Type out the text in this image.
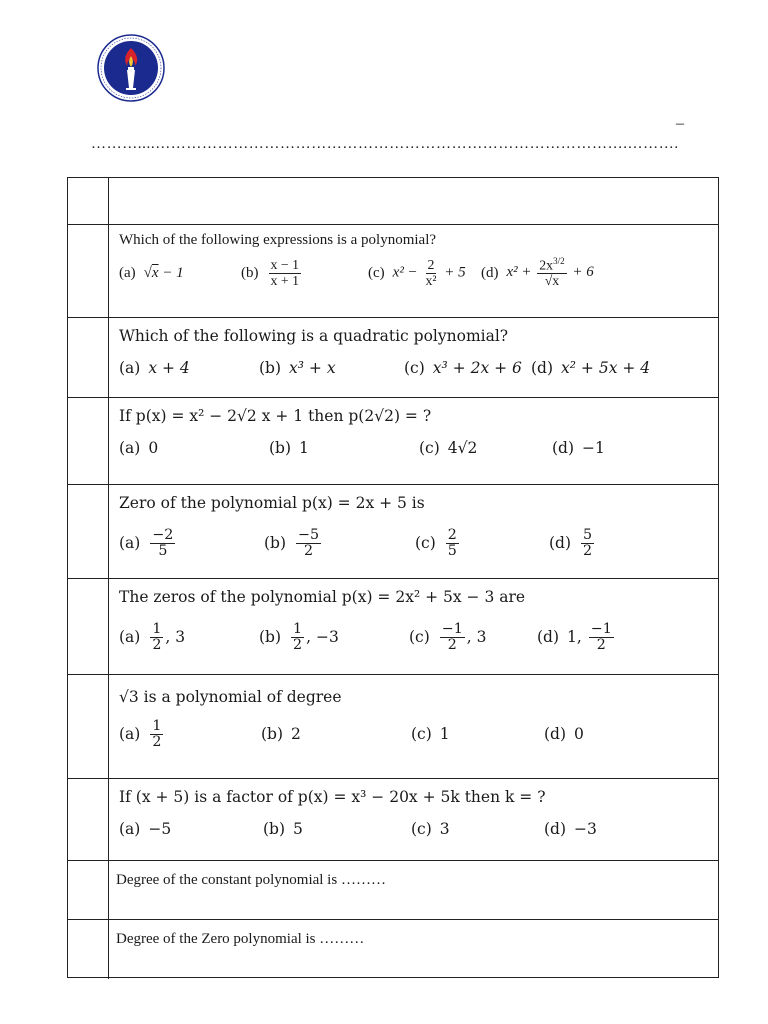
–
………....……………………………………………………………………………….……….
Which of the following expressions is a polynomial?
(a) √x − 1	$(b) \frac{x - 1}{x + 1}$	(c) $x^2 - \frac{2}{\text{x²}} + 5$ (d) $x^2 + \frac{2x^{3/2}}{√x} + 6$
Which of the following is a quadratic polynomial?
(a) x + 4	(b) x³ + x	(c) x³ + 2x + 6 (d) x² + 5x + 4
If p(x) = x² − 2√2 x + 1 then p(2√2) = ?
(a) 0	(b) 1	(c) 4√2	(d) −1
Zero of the polynomial p(x) = 2x + 5 is
$(a) \frac{-2}{5}$	$(b) \frac{-5}{2}$	$(c) \frac{2}{5}$	$(d) \frac{5}{2}$
The zeros of the polynomial p(x) = 2x² + 5x − 3 are
$(a) \frac{1}{2}$ , 3	$(b) \frac{1}{2}$ , −3	$(c) \frac{-1}{2}$ , 3	(d) 1, $\frac{-1}{2}$
√3 is a polynomial of degree
$(a) \frac{1}{2}$	(b) 2	(c) 1	(d) 0
If (x + 5) is a factor of p(x) = x³ − 20x + 5k then k = ?
(a) −5	(b) 5	(c) 3	(d) −3
Degree of the constant polynomial is ………
Degree of the Zero polynomial is ………
